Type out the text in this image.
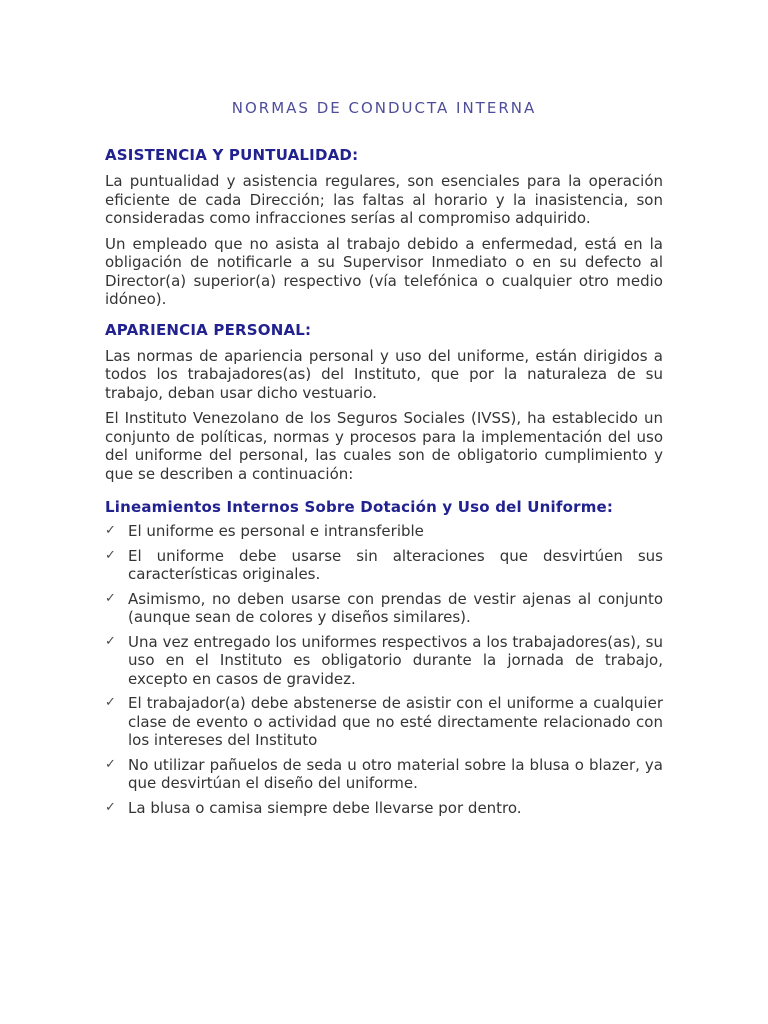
NORMAS DE CONDUCTA INTERNA
ASISTENCIA Y PUNTUALIDAD:

La puntualidad y asistencia regulares, son esenciales para la operación eficiente de cada Dirección; las faltas al horario y la inasistencia, son consideradas como infracciones serías al compromiso adquirido.

Un empleado que no asista al trabajo debido a enfermedad, está en la obligación de notificarle a su Supervisor Inmediato o en su defecto al Director(a) superior(a) respectivo (vía telefónica o cualquier otro medio idóneo).

APARIENCIA PERSONAL:

Las normas de apariencia personal y uso del uniforme, están dirigidos a todos los trabajadores(as) del Instituto, que por la naturaleza de su trabajo, deban usar dicho vestuario.

El Instituto Venezolano de los Seguros Sociales (IVSS), ha establecido un conjunto de políticas, normas y procesos para la implementación del uso del uniforme del personal, las cuales son de obligatorio cumplimiento y que se describen a continuación:

Lineamientos Internos Sobre Dotación y Uso del Uniforme:
✓ El uniforme es personal e intransferible
✓ El uniforme debe usarse sin alteraciones que desvirtúen sus características originales.
✓ Asimismo, no deben usarse con prendas de vestir ajenas al conjunto (aunque sean de colores y diseños similares).
✓ Una vez entregado los uniformes respectivos a los trabajadores(as), su uso en el Instituto es obligatorio durante la jornada de trabajo, excepto en casos de gravidez.
✓ El trabajador(a) debe abstenerse de asistir con el uniforme a cualquier clase de evento o actividad que no esté directamente relacionado con los intereses del Instituto
✓ No utilizar pañuelos de seda u otro material sobre la blusa o blazer, ya que desvirtúan el diseño del uniforme.
✓ La blusa o camisa siempre debe llevarse por dentro.
